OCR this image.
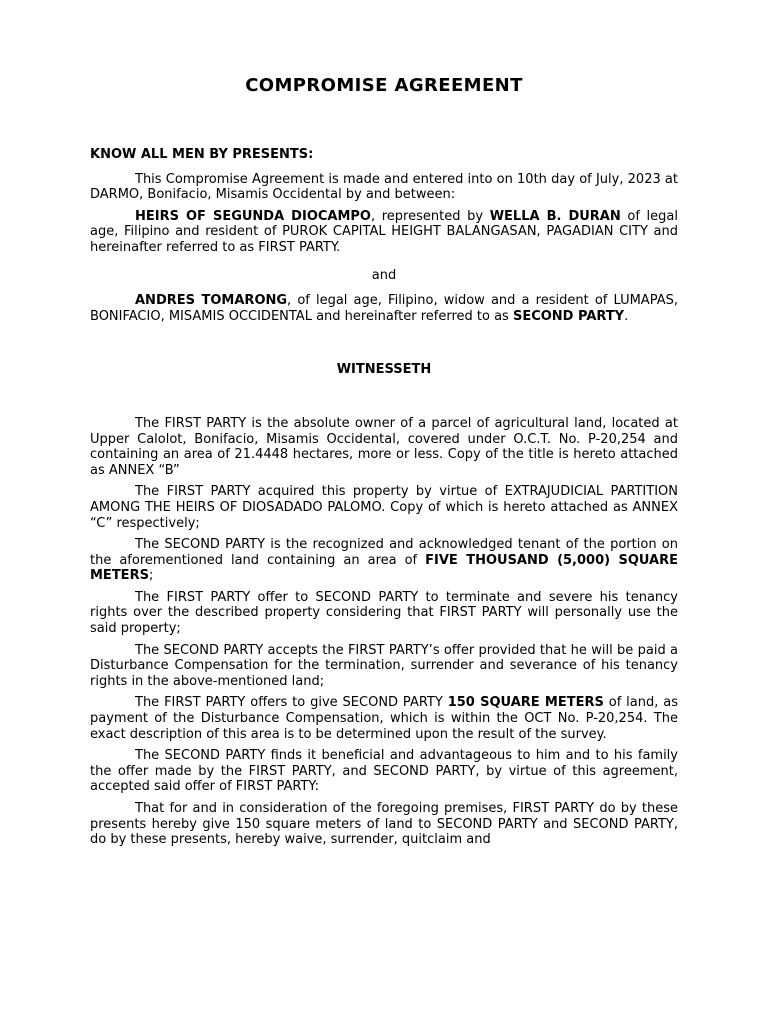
COMPROMISE AGREEMENT

KNOW ALL MEN BY PRESENTS:

This Compromise Agreement is made and entered into on 10th day of July, 2023 at DARMO, Bonifacio, Misamis Occidental by and between:

HEIRS OF SEGUNDA DIOCAMPO, represented by WELLA B. DURAN of legal age, Filipino and resident of PUROK CAPITAL HEIGHT BALANGASAN, PAGADIAN CITY and hereinafter referred to as FIRST PARTY.

and

ANDRES TOMARONG, of legal age, Filipino, widow and a resident of LUMAPAS, BONIFACIO, MISAMIS OCCIDENTAL and hereinafter referred to as SECOND PARTY.

WITNESSETH

The FIRST PARTY is the absolute owner of a parcel of agricultural land, located at Upper Calolot, Bonifacio, Misamis Occidental, covered under O.C.T. No. P-20,254 and containing an area of 21.4448 hectares, more or less. Copy of the title is hereto attached as ANNEX “B”

The FIRST PARTY acquired this property by virtue of EXTRAJUDICIAL PARTITION AMONG THE HEIRS OF DIOSADADO PALOMO. Copy of which is hereto attached as ANNEX “C” respectively;

The SECOND PARTY is the recognized and acknowledged tenant of the portion on the aforementioned land containing an area of FIVE THOUSAND (5,000) SQUARE METERS;

The FIRST PARTY offer to SECOND PARTY to terminate and severe his tenancy rights over the described property considering that FIRST PARTY will personally use the said property;

The SECOND PARTY accepts the FIRST PARTY’s offer provided that he will be paid a Disturbance Compensation for the termination, surrender and severance of his tenancy rights in the above-mentioned land;

The FIRST PARTY offers to give SECOND PARTY 150 SQUARE METERS of land, as payment of the Disturbance Compensation, which is within the OCT No. P-20,254. The exact description of this area is to be determined upon the result of the survey.

The SECOND PARTY finds it beneficial and advantageous to him and to his family the offer made by the FIRST PARTY, and SECOND PARTY, by virtue of this agreement, accepted said offer of FIRST PARTY:

That for and in consideration of the foregoing premises, FIRST PARTY do by these presents hereby give 150 square meters of land to SECOND PARTY and SECOND PARTY, do by these presents, hereby waive, surrender, quitclaim and
